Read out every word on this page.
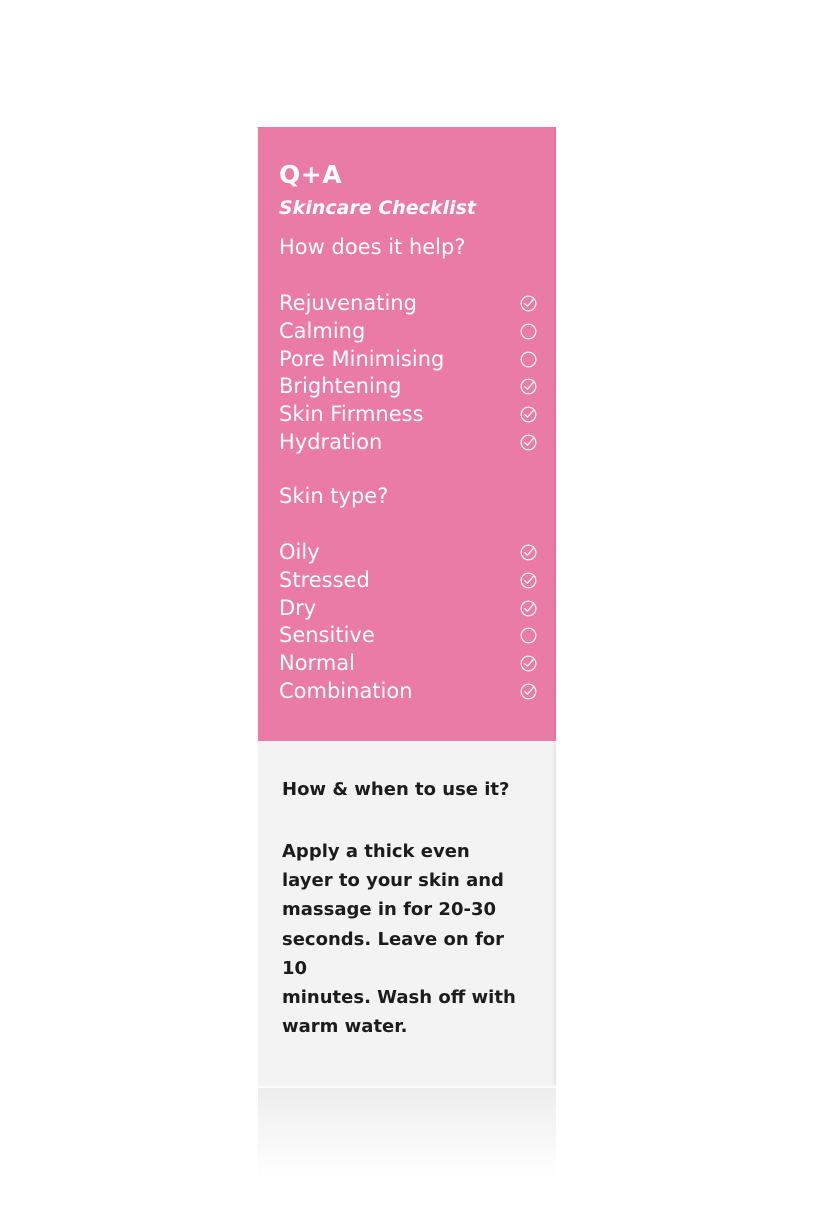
Q+A
Skincare Checklist
How does it help?
Rejuvenating
Calming
Pore Minimising
Brightening
Skin Firmness
Hydration
Skin type?
Oily
Stressed
Dry
Sensitive
Normal
Combination
How & when to use it?
Apply a thick even
layer to your skin and
massage in for 20-30
seconds. Leave on for 10
minutes. Wash off with
warm water.
